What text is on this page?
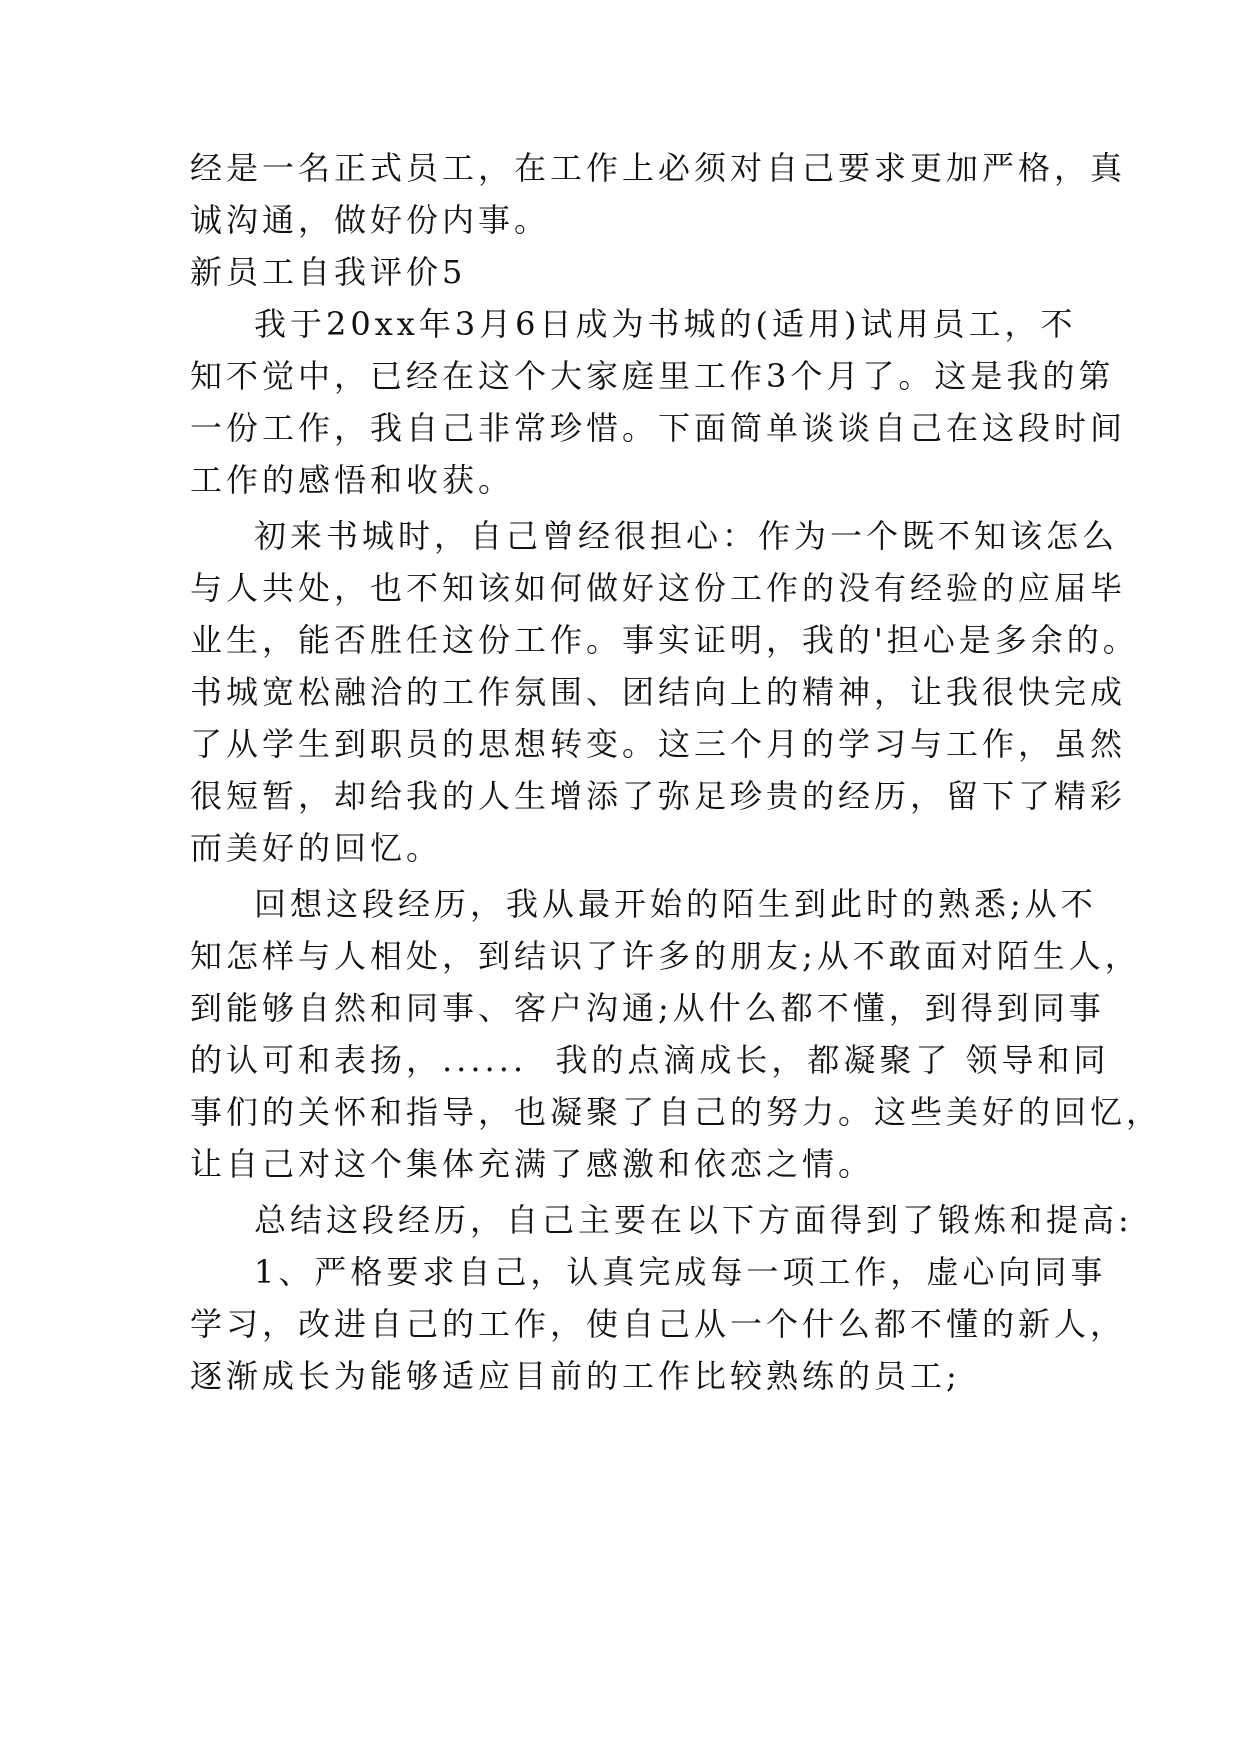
经是一名正式员工，在工作上必须对自己要求更加严格，真
诚沟通，做好份内事。
新员工自我评价5
我于20xx年3月6日成为书城的(适用)试用员工，不
知不觉中，已经在这个大家庭里工作3个月了。这是我的第
一份工作，我自己非常珍惜。下面简单谈谈自己在这段时间
工作的感悟和收获。
初来书城时，自己曾经很担心：作为一个既不知该怎么
与人共处，也不知该如何做好这份工作的没有经验的应届毕
业生，能否胜任这份工作。事实证明，我的'担心是多余的。
书城宽松融洽的工作氛围、团结向上的精神，让我很快完成
了从学生到职员的思想转变。这三个月的学习与工作，虽然
很短暂，却给我的人生增添了弥足珍贵的经历，留下了精彩
而美好的回忆。
回想这段经历，我从最开始的陌生到此时的熟悉;从不
知怎样与人相处，到结识了许多的朋友;从不敢面对陌生人，
到能够自然和同事、客户沟通;从什么都不懂，到得到同事
的认可和表扬，......  我的点滴成长，都凝聚了 领导和同
事们的关怀和指导，也凝聚了自己的努力。这些美好的回忆，
让自己对这个集体充满了感激和依恋之情。
总结这段经历，自己主要在以下方面得到了锻炼和提高:
1、严格要求自己，认真完成每一项工作，虚心向同事
学习，改进自己的工作，使自己从一个什么都不懂的新人，
逐渐成长为能够适应目前的工作比较熟练的员工;
